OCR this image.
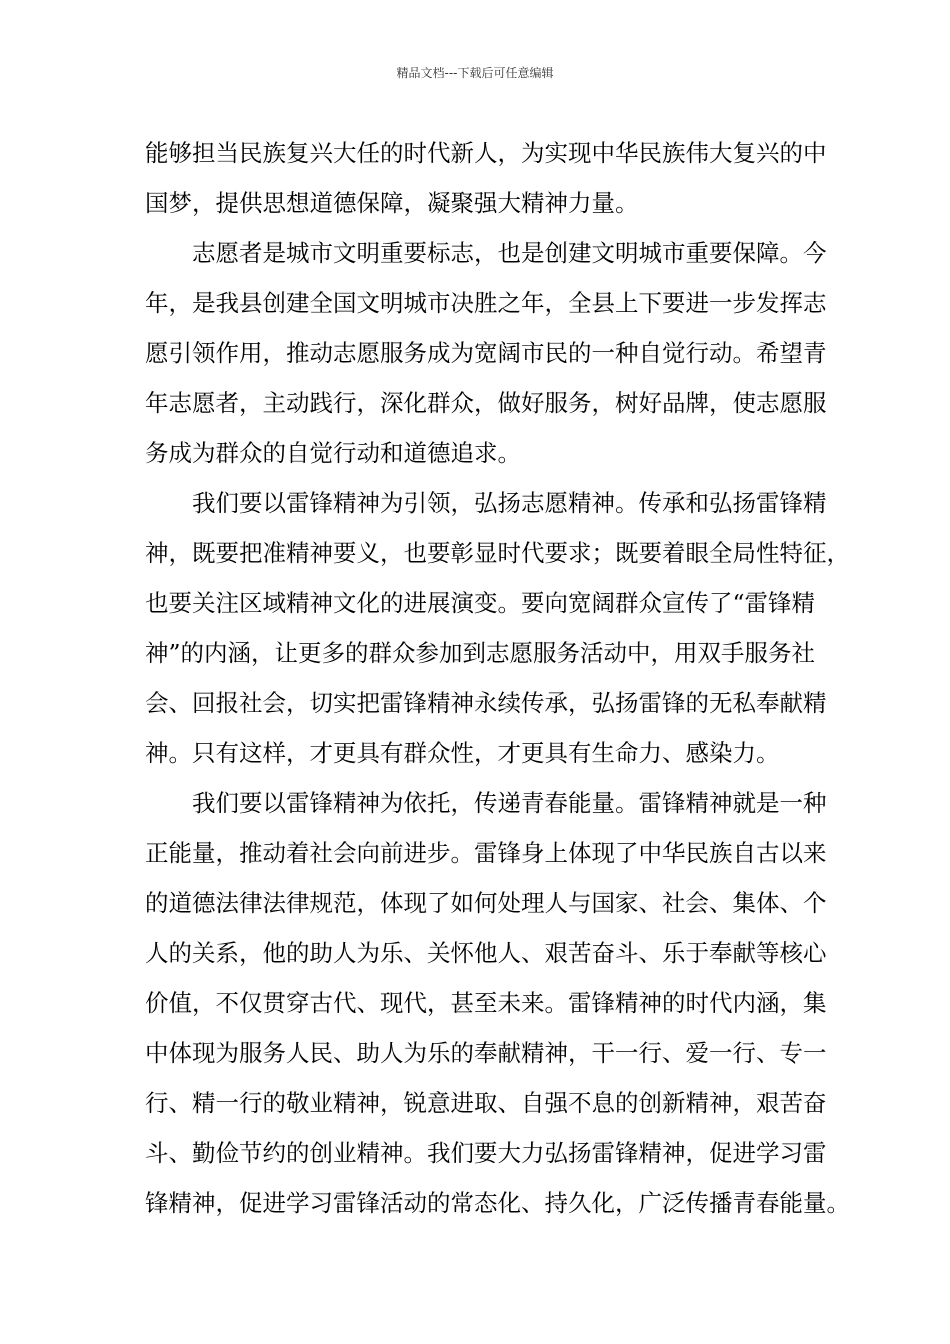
精品文档---下载后可任意编辑
能够担当民族复兴大任的时代新人，为实现中华民族伟大复兴的中
国梦，提供思想道德保障，凝聚强大精神力量。
　　志愿者是城市文明重要标志，也是创建文明城市重要保障。今
年，是我县创建全国文明城市决胜之年，全县上下要进一步发挥志
愿引领作用，推动志愿服务成为宽阔市民的一种自觉行动。希望青
年志愿者，主动践行，深化群众，做好服务，树好品牌，使志愿服
务成为群众的自觉行动和道德追求。
　　我们要以雷锋精神为引领，弘扬志愿精神。传承和弘扬雷锋精
神，既要把准精神要义，也要彰显时代要求；既要着眼全局性特征，
也要关注区域精神文化的进展演变。要向宽阔群众宣传了“雷锋精
神”的内涵，让更多的群众参加到志愿服务活动中，用双手服务社
会、回报社会，切实把雷锋精神永续传承，弘扬雷锋的无私奉献精
神。只有这样，才更具有群众性，才更具有生命力、感染力。
　　我们要以雷锋精神为依托，传递青春能量。雷锋精神就是一种
正能量，推动着社会向前进步。雷锋身上体现了中华民族自古以来
的道德法律法律规范，体现了如何处理人与国家、社会、集体、个
人的关系，他的助人为乐、关怀他人、艰苦奋斗、乐于奉献等核心
价值，不仅贯穿古代、现代，甚至未来。雷锋精神的时代内涵，集
中体现为服务人民、助人为乐的奉献精神，干一行、爱一行、专一
行、精一行的敬业精神，锐意进取、自强不息的创新精神，艰苦奋
斗、勤俭节约的创业精神。我们要大力弘扬雷锋精神，促进学习雷
锋精神，促进学习雷锋活动的常态化、持久化，广泛传播青春能量。
